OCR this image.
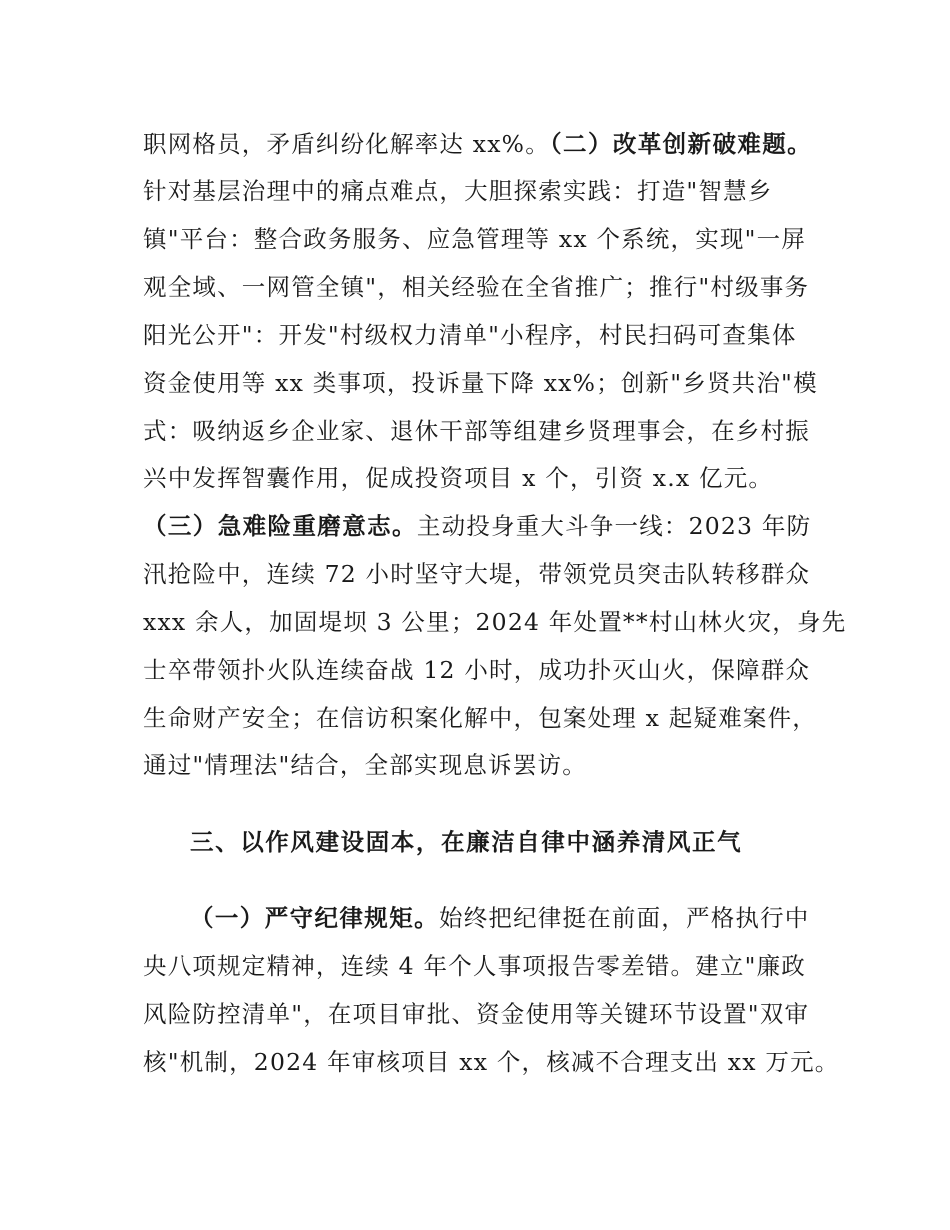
职网格员，矛盾纠纷化解率达 xx%。（二）改革创新破难题。
针对基层治理中的痛点难点，大胆探索实践：打造"智慧乡
镇"平台：整合政务服务、应急管理等 xx 个系统，实现"一屏
观全域、一网管全镇"，相关经验在全省推广；推行"村级事务
阳光公开"：开发"村级权力清单"小程序，村民扫码可查集体
资金使用等 xx 类事项，投诉量下降 xx%；创新"乡贤共治"模
式：吸纳返乡企业家、退休干部等组建乡贤理事会，在乡村振
兴中发挥智囊作用，促成投资项目 x 个，引资 x.x 亿元。
（三）急难险重磨意志。主动投身重大斗争一线：2023 年防
汛抢险中，连续 72 小时坚守大堤，带领党员突击队转移群众
xxx 余人，加固堤坝 3 公里；2024 年处置**村山林火灾，身先
士卒带领扑火队连续奋战 12 小时，成功扑灭山火，保障群众
生命财产安全；在信访积案化解中，包案处理 x 起疑难案件，
通过"情理法"结合，全部实现息诉罢访。
三、以作风建设固本，在廉洁自律中涵养清风正气
（一）严守纪律规矩。始终把纪律挺在前面，严格执行中
央八项规定精神，连续 4 年个人事项报告零差错。建立"廉政
风险防控清单"，在项目审批、资金使用等关键环节设置"双审
核"机制，2024 年审核项目 xx 个，核减不合理支出 xx 万元。
